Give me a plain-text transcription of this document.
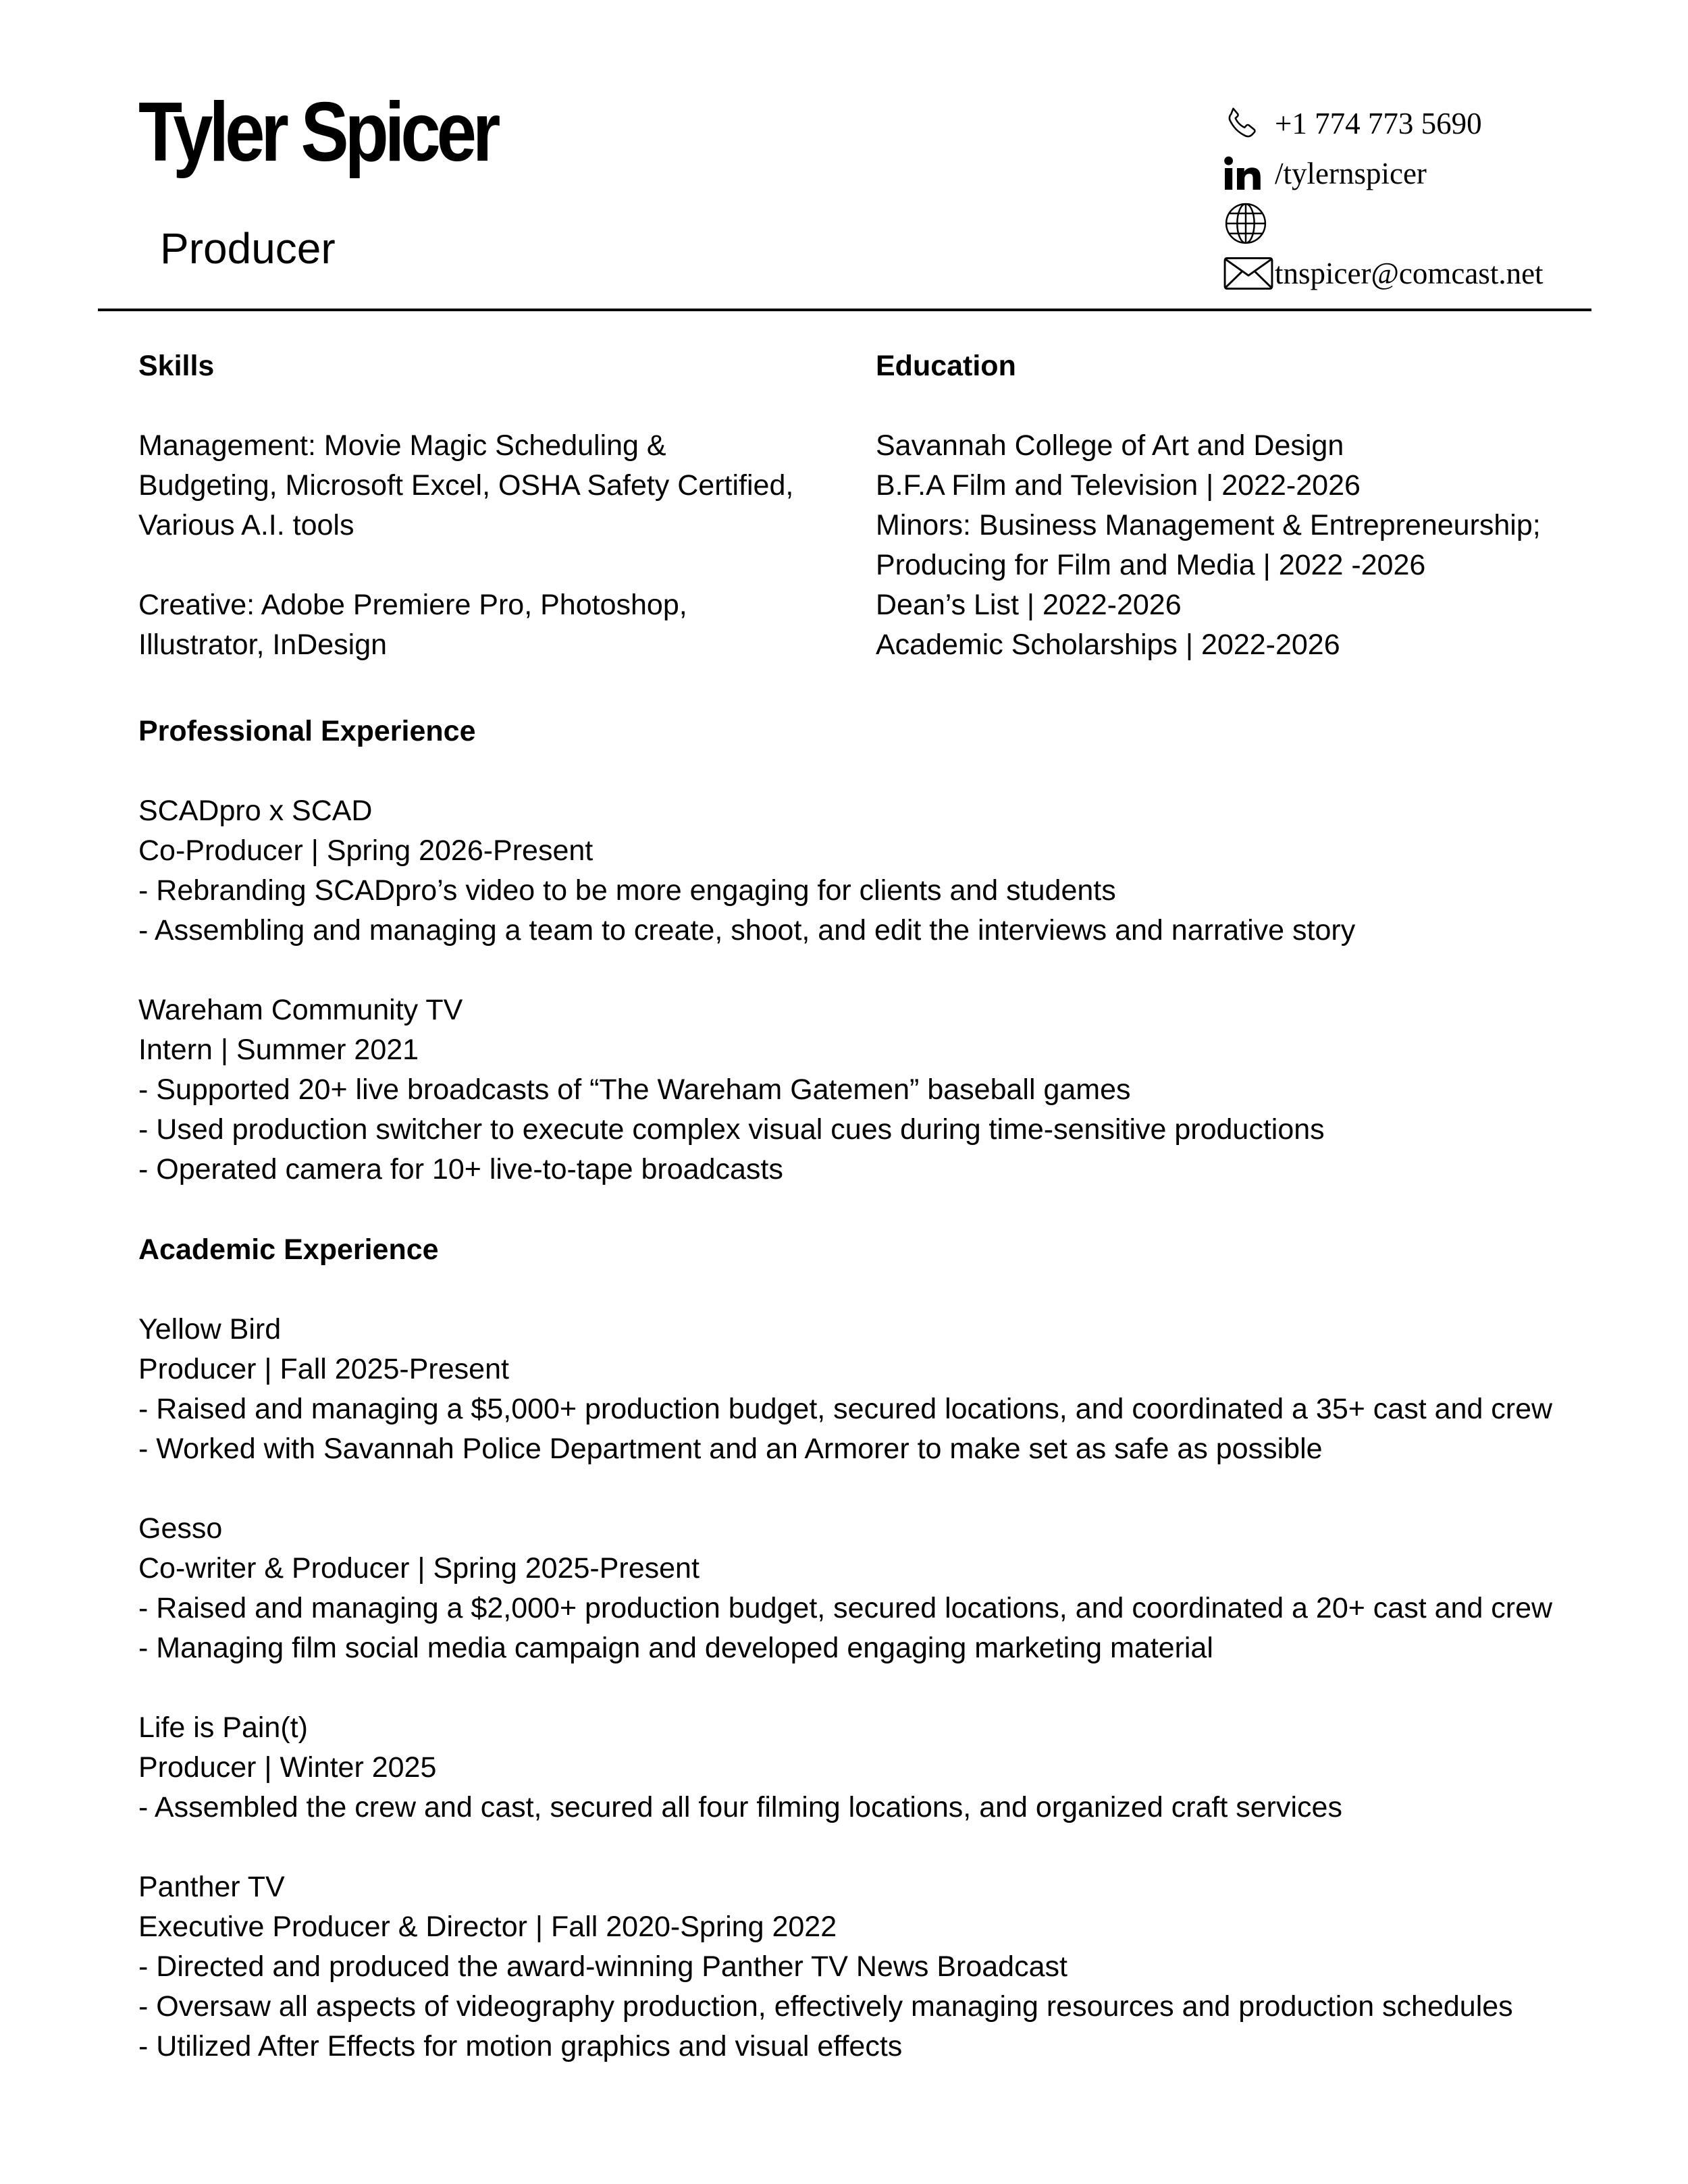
Tyler Spicer
Producer
+1 774 773 5690
/tylernspicer
tnspicer@comcast.net

Skills

Management: Movie Magic Scheduling &

Budgeting, Microsoft Excel, OSHA Safety Certified,

Various A.I. tools

Creative: Adobe Premiere Pro, Photoshop,

Illustrator, InDesign

Education

Savannah College of Art and Design

B.F.A Film and Television | 2022-2026

Minors: Business Management & Entrepreneurship;

Producing for Film and Media | 2022 -2026

Dean’s List | 2022-2026

Academic Scholarships | 2022-2026

Professional Experience

SCADpro x SCAD

Co-Producer | Spring 2026-Present

- Rebranding SCADpro’s video to be more engaging for clients and students

- Assembling and managing a team to create, shoot, and edit the interviews and narrative story

Wareham Community TV

Intern | Summer 2021

- Supported 20+ live broadcasts of “The Wareham Gatemen” baseball games

- Used production switcher to execute complex visual cues during time-sensitive productions

- Operated camera for 10+ live-to-tape broadcasts

Academic Experience

Yellow Bird

Producer | Fall 2025-Present

- Raised and managing a $5,000+ production budget, secured locations, and coordinated a 35+ cast and crew

- Worked with Savannah Police Department and an Armorer to make set as safe as possible

Gesso

Co-writer & Producer | Spring 2025-Present

- Raised and managing a $2,000+ production budget, secured locations, and coordinated a 20+ cast and crew

- Managing film social media campaign and developed engaging marketing material

Life is Pain(t)

Producer | Winter 2025

- Assembled the crew and cast, secured all four filming locations, and organized craft services

Panther TV

Executive Producer & Director | Fall 2020-Spring 2022

- Directed and produced the award-winning Panther TV News Broadcast

- Oversaw all aspects of videography production, effectively managing resources and production schedules

- Utilized After Effects for motion graphics and visual effects
